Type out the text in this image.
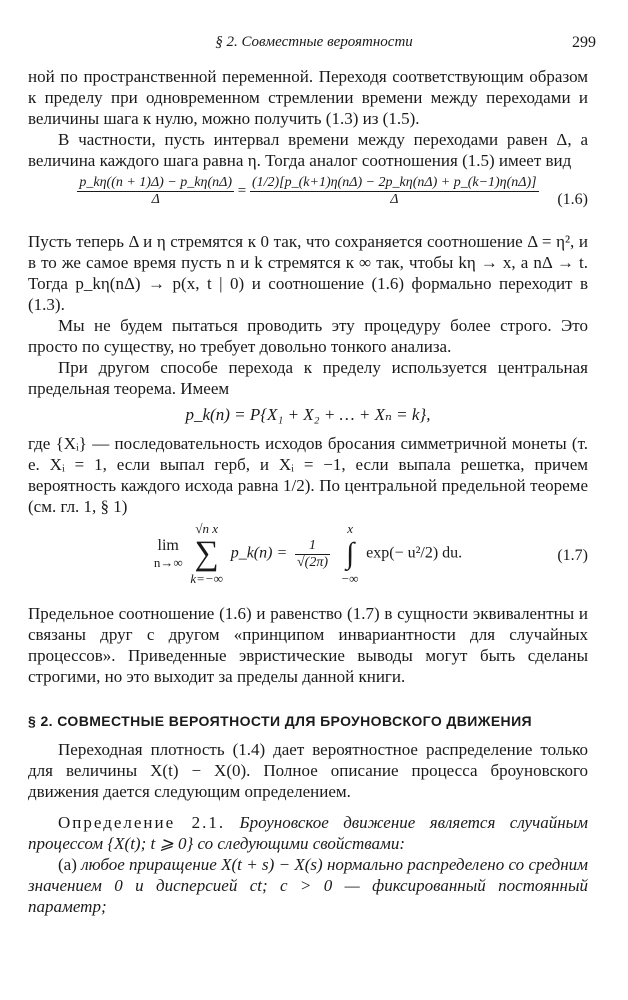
§ 2. Совместные вероятности	299

ной по пространственной переменной. Переходя соответствующим образом к пределу при одновременном стремлении времени между переходами и величины шага к нулю, можно получить (1.3) из (1.5).

В частности, пусть интервал времени между переходами равен Δ, а величина каждого шага равна η. Тогда аналог соотношения (1.5) имеет вид

$\frac{p\_k\eta((n + 1)\Delta) - p\_k\eta(n\Delta)}{\Delta} = \frac{(1/2)[p\_(k+1)\eta(n\Delta) - 2p\_k\eta(n\Delta) + p\_(k-1)\eta(n\Delta)]}{\Delta} (1.6)$

Пусть теперь Δ и η стремятся к 0 так, что сохраняется соотношение Δ = η², и в то же самое время пусть n и k стремятся к ∞ так, чтобы kη → x, а nΔ → t. Тогда p_kη(nΔ) → p(x, t | 0) и соотношение (1.6) формально переходит в (1.3).

Мы не будем пытаться проводить эту процедуру более строго. Это просто по существу, но требует довольно тонкого анализа.

При другом способе перехода к пределу используется центральная предельная теорема. Имеем

p_k(n) = P{X₁ + X₂ + … + Xₙ = k},

где {Xᵢ} — последовательность исходов бросания симметричной монеты (т. е. Xᵢ = 1, если выпал герб, и Xᵢ = −1, если выпала решетка, причем вероятность каждого исхода равна 1/2). По центральной предельной теореме (см. гл. 1, § 1)

lim
n→∞

√n x
∑
k=−∞
p_k(n) = $\frac{1}{√(2\pi)}$

x
∫
−∞
exp(− u²/2) du.	(1.7)

Предельное соотношение (1.6) и равенство (1.7) в сущности эквивалентны и связаны друг с другом «принципом инвариантности для случайных процессов». Приведенные эвристические выводы могут быть сделаны строгими, но это выходит за пределы данной книги.

§ 2. СОВМЕСТНЫЕ ВЕРОЯТНОСТИ ДЛЯ БРОУНОВСКОГО ДВИЖЕНИЯ

Переходная плотность (1.4) дает вероятностное распределение только для величины X(t) − X(0). Полное описание процесса броуновского движения дается следующим определением.

Определение 2.1. Броуновское движение является случайным процессом {X(t); t ⩾ 0} со следующими свойствами:

(a) любое приращение X(t + s) − X(s) нормально распределено со средним значением 0 и дисперсией ct; c > 0 — фиксированный постоянный параметр;
